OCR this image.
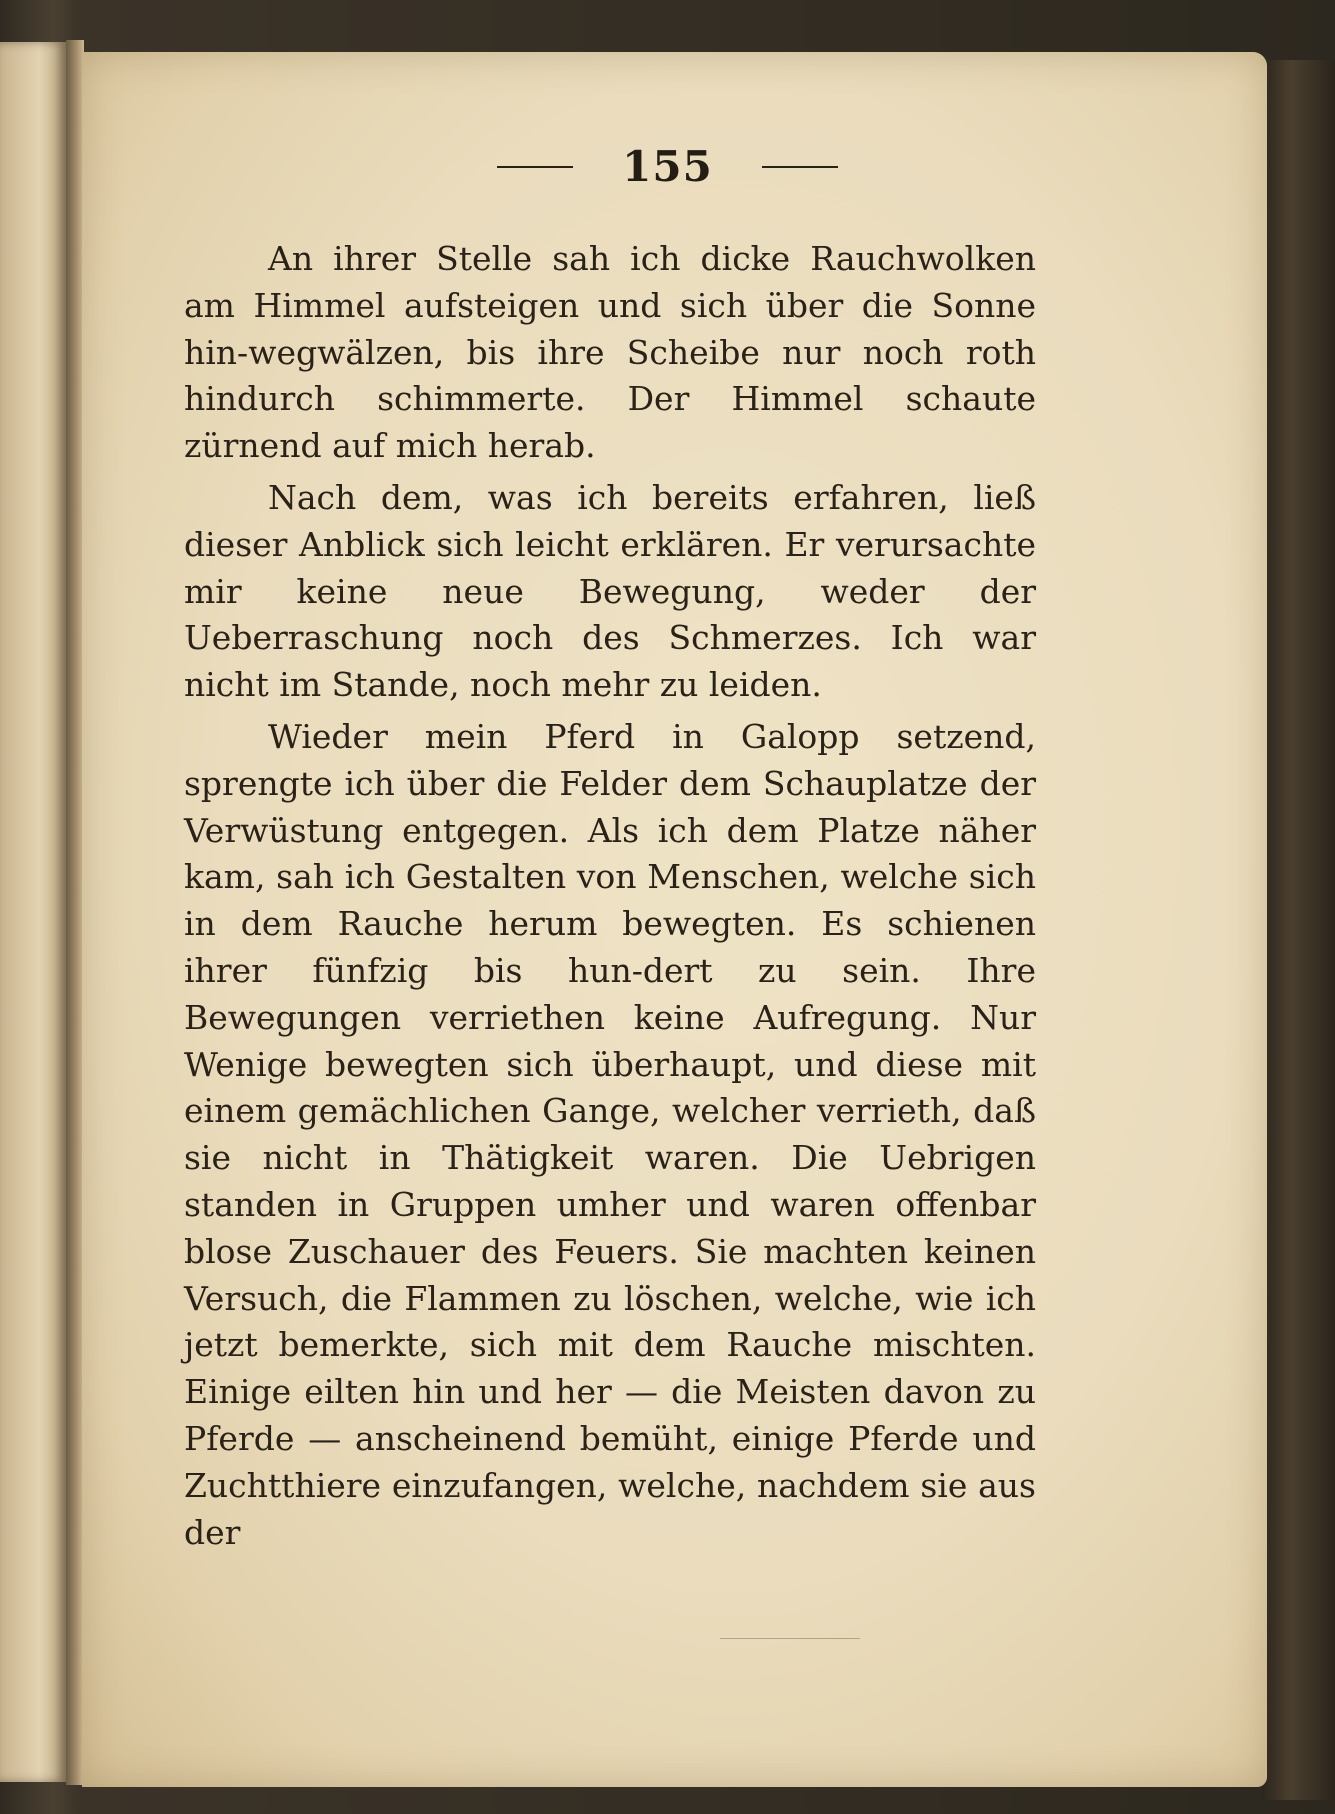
155

An ihrer Stelle sah ich dicke Rauchwolken am Himmel aufsteigen und sich über die Sonne hin-wegwälzen, bis ihre Scheibe nur noch roth hindurch schimmerte. Der Himmel schaute zürnend auf mich herab.

Nach dem, was ich bereits erfahren, ließ dieser Anblick sich leicht erklären. Er verursachte mir keine neue Bewegung, weder der Ueberraschung noch des Schmerzes. Ich war nicht im Stande, noch mehr zu leiden.

Wieder mein Pferd in Galopp setzend, sprengte ich über die Felder dem Schauplatze der Verwüstung entgegen. Als ich dem Platze näher kam, sah ich Gestalten von Menschen, welche sich in dem Rauche herum bewegten. Es schienen ihrer fünfzig bis hun-dert zu sein. Ihre Bewegungen verriethen keine Aufregung. Nur Wenige bewegten sich überhaupt, und diese mit einem gemächlichen Gange, welcher verrieth, daß sie nicht in Thätigkeit waren. Die Uebrigen standen in Gruppen umher und waren offenbar blose Zuschauer des Feuers. Sie machten keinen Versuch, die Flammen zu löschen, welche, wie ich jetzt bemerkte, sich mit dem Rauche mischten. Einige eilten hin und her — die Meisten davon zu Pferde — anscheinend bemüht, einige Pferde und Zuchtthiere einzufangen, welche, nachdem sie aus der
